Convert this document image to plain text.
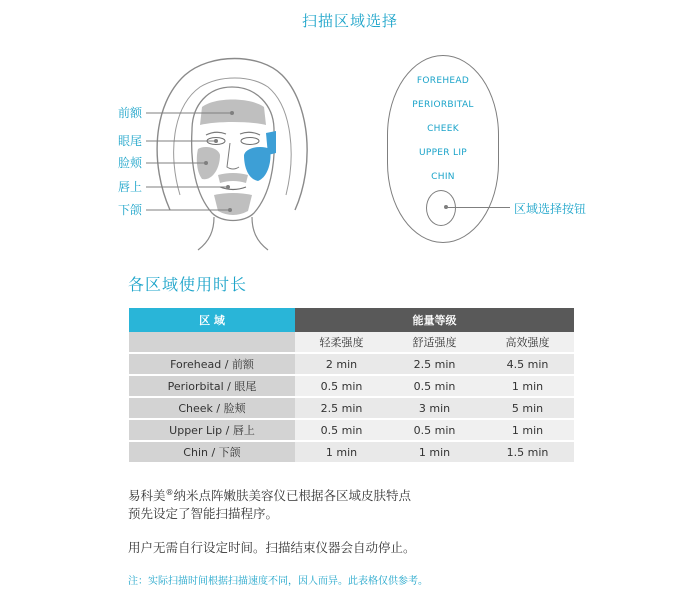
扫描区域选择
前额
眼尾
脸颊
唇上
下颌
FOREHEAD
PERIORBITAL
CHEEK
UPPER LIP
CHIN
区域选择按钮
各区域使用时长
区 域	能量等级		
	轻柔强度	舒适强度	高效强度
Forehead / 前额	2 min	2.5 min	4.5 min
Periorbital / 眼尾	0.5 min	0.5 min	1 min
Cheek / 脸颊	2.5 min	3 min	5 min
Upper Lip / 唇上	0.5 min	0.5 min	1 min
Chin / 下颌	1 min	1 min	1.5 min
易科美®纳米点阵嫩肤美容仪已根据各区域皮肤特点
预先设定了智能扫描程序。
用户无需自行设定时间。扫描结束仪器会自动停止。
注：实际扫描时间根据扫描速度不同，因人而异。此表格仅供参考。
